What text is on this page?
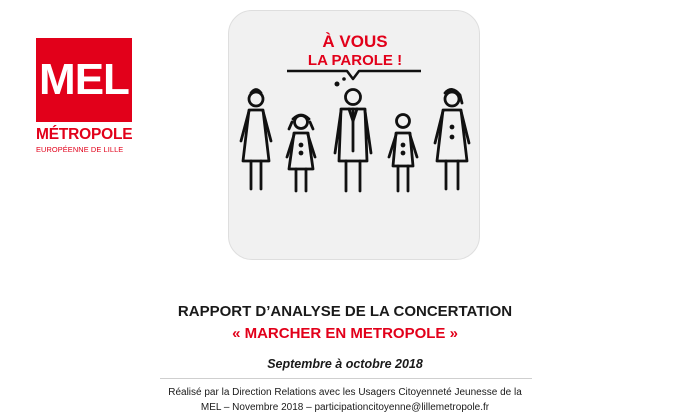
MEL
MÉTROPOLE
EUROPÉENNE DE LILLE
À VOUS
LA PAROLE !
RAPPORT D’ANALYSE DE LA CONCERTATION
« MARCHER EN METROPOLE »
Septembre à octobre 2018
Réalisé par la Direction Relations avec les Usagers Citoyenneté Jeunesse de la
MEL – Novembre 2018 – participationcitoyenne@lillemetropole.fr
